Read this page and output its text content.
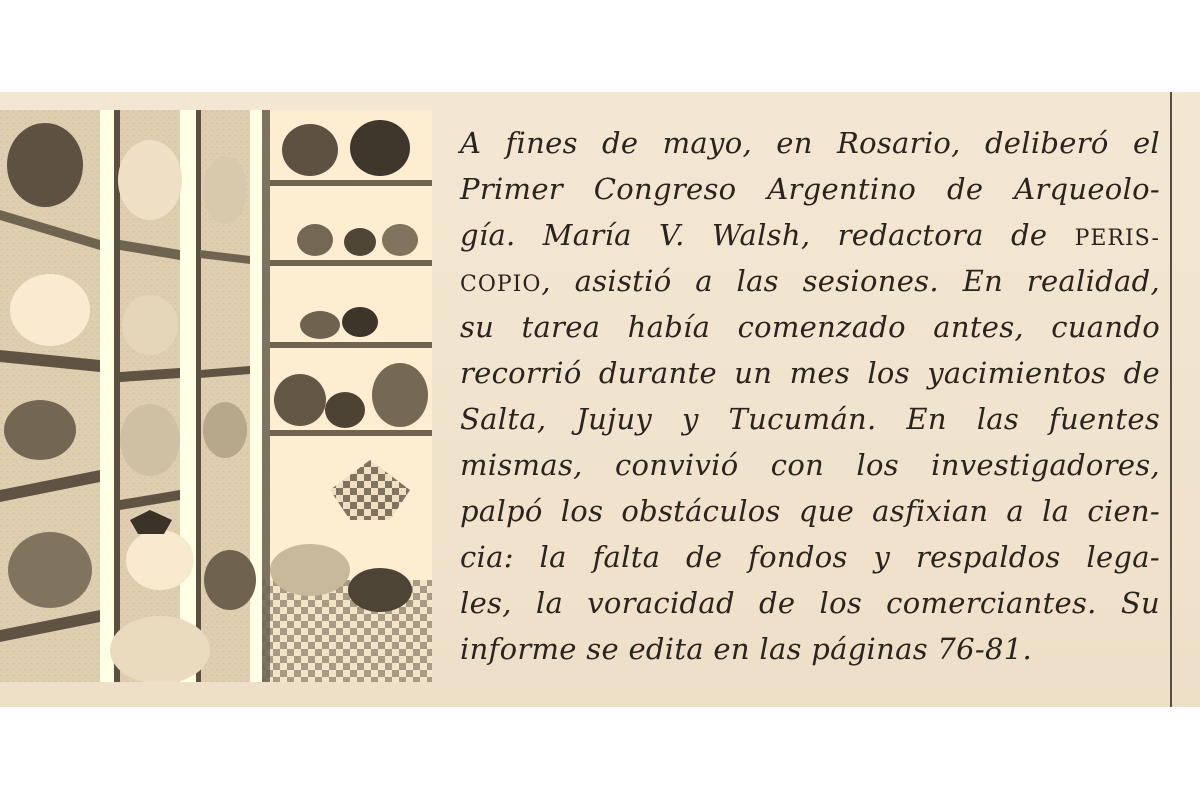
A fines de mayo, en Rosario, deliberó el
Primer Congreso Argentino de Arqueolo-
gía. María V. Walsh, redactora de PERIS-
COPIO, asistió a las sesiones. En realidad,
su tarea había comenzado antes, cuando
recorrió durante un mes los yacimientos de
Salta, Jujuy y Tucumán. En las fuentes
mismas, convivió con los investigadores,
palpó los obstáculos que asfixian a la cien-
cia: la falta de fondos y respaldos lega-
les, la voracidad de los comerciantes. Su
informe se edita en las páginas 76-81.
